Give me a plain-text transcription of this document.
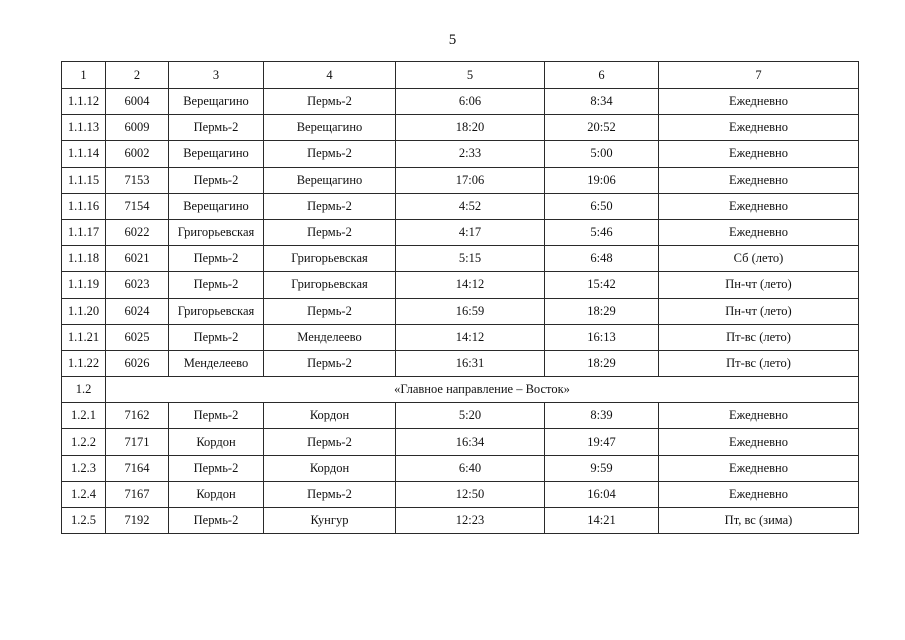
5
1	2	3	4	5	6	7
1.1.12	6004	Верещагино	Пермь-2	6:06	8:34	Ежедневно
1.1.13	6009	Пермь-2	Верещагино	18:20	20:52	Ежедневно
1.1.14	6002	Верещагино	Пермь-2	2:33	5:00	Ежедневно
1.1.15	7153	Пермь-2	Верещагино	17:06	19:06	Ежедневно
1.1.16	7154	Верещагино	Пермь-2	4:52	6:50	Ежедневно
1.1.17	6022	Григорьевская	Пермь-2	4:17	5:46	Ежедневно
1.1.18	6021	Пермь-2	Григорьевская	5:15	6:48	Сб (лето)
1.1.19	6023	Пермь-2	Григорьевская	14:12	15:42	Пн-чт (лето)
1.1.20	6024	Григорьевская	Пермь-2	16:59	18:29	Пн-чт (лето)
1.1.21	6025	Пермь-2	Менделеево	14:12	16:13	Пт-вс (лето)
1.1.22	6026	Менделеево	Пермь-2	16:31	18:29	Пт-вс (лето)
1.2	«Главное направление – Восток»					
1.2.1	7162	Пермь-2	Кордон	5:20	8:39	Ежедневно
1.2.2	7171	Кордон	Пермь-2	16:34	19:47	Ежедневно
1.2.3	7164	Пермь-2	Кордон	6:40	9:59	Ежедневно
1.2.4	7167	Кордон	Пермь-2	12:50	16:04	Ежедневно
1.2.5	7192	Пермь-2	Кунгур	12:23	14:21	Пт, вс (зима)
